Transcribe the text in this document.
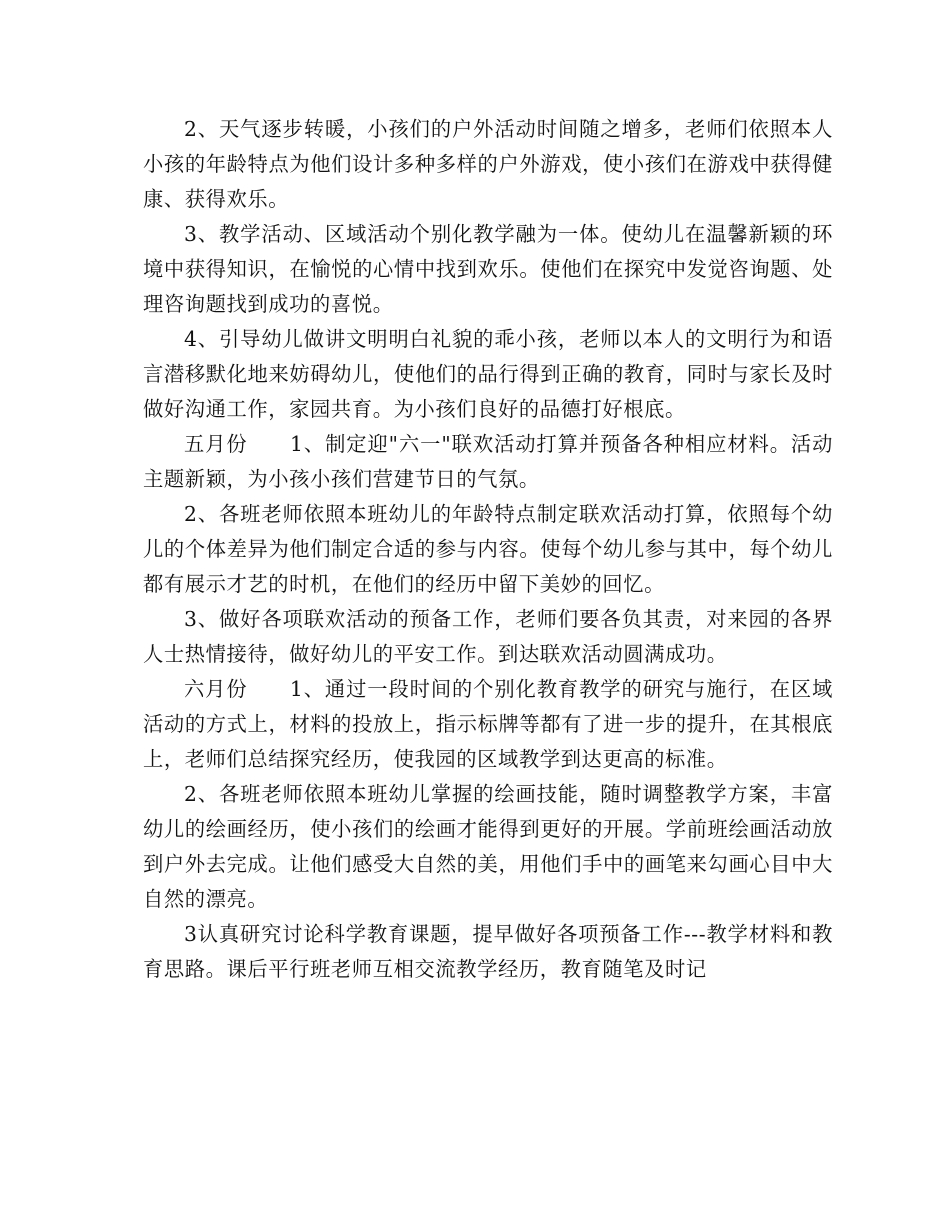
2、天气逐步转暖，小孩们的户外活动时间随之增多，老师们依照本人小孩的年龄特点为他们设计多种多样的户外游戏，使小孩们在游戏中获得健康、获得欢乐。

3、教学活动、区域活动个别化教学融为一体。使幼儿在温馨新颖的环境中获得知识，在愉悦的心情中找到欢乐。使他们在探究中发觉咨询题、处理咨询题找到成功的喜悦。

4、引导幼儿做讲文明明白礼貌的乖小孩，老师以本人的文明行为和语言潜移默化地来妨碍幼儿，使他们的品行得到正确的教育，同时与家长及时做好沟通工作，家园共育。为小孩们良好的品德打好根底。

五月份　　1、制定迎"六一"联欢活动打算并预备各种相应材料。活动主题新颖，为小孩小孩们营建节日的气氛。

2、各班老师依照本班幼儿的年龄特点制定联欢活动打算，依照每个幼儿的个体差异为他们制定合适的参与内容。使每个幼儿参与其中，每个幼儿都有展示才艺的时机，在他们的经历中留下美妙的回忆。

3、做好各项联欢活动的预备工作，老师们要各负其责，对来园的各界人士热情接待，做好幼儿的平安工作。到达联欢活动圆满成功。

六月份　　1、通过一段时间的个别化教育教学的研究与施行，在区域活动的方式上，材料的投放上，指示标牌等都有了进一步的提升，在其根底上，老师们总结探究经历，使我园的区域教学到达更高的标准。

2、各班老师依照本班幼儿掌握的绘画技能，随时调整教学方案，丰富幼儿的绘画经历，使小孩们的绘画才能得到更好的开展。学前班绘画活动放到户外去完成。让他们感受大自然的美，用他们手中的画笔来勾画心目中大自然的漂亮。

3认真研究讨论科学教育课题，提早做好各项预备工作---教学材料和教育思路。课后平行班老师互相交流教学经历，教育随笔及时记
